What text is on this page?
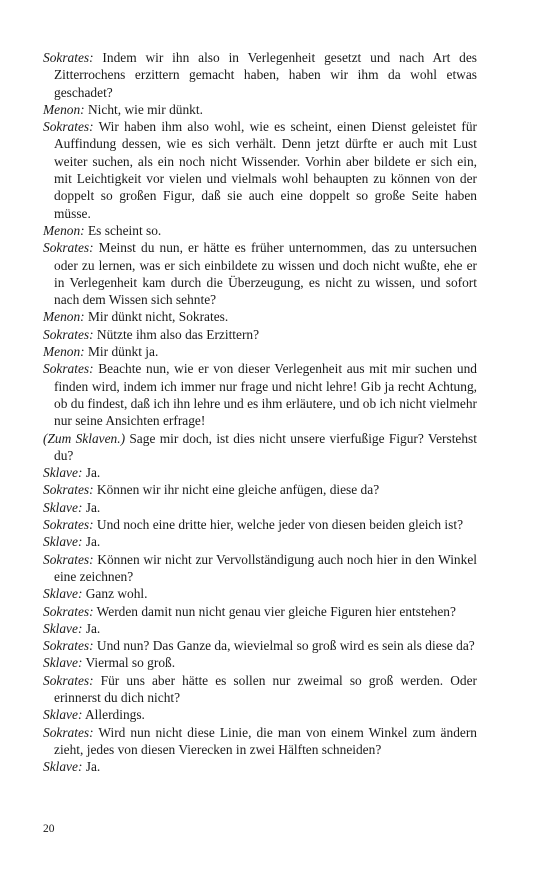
Sokrates: Indem wir ihn also in Verlegenheit gesetzt und nach Art des Zitterrochens erzittern gemacht haben, haben wir ihm da wohl etwas geschadet?

Menon: Nicht, wie mir dünkt.

Sokrates: Wir haben ihm also wohl, wie es scheint, einen Dienst geleistet für Auffindung dessen, wie es sich verhält. Denn jetzt dürfte er auch mit Lust weiter suchen, als ein noch nicht Wissender. Vorhin aber bildete er sich ein, mit Leichtigkeit vor vielen und vielmals wohl behaupten zu können von der doppelt so großen Figur, daß sie auch eine doppelt so große Seite haben müsse.

Menon: Es scheint so.

Sokrates: Meinst du nun, er hätte es früher unternommen, das zu untersuchen oder zu lernen, was er sich einbildete zu wissen und doch nicht wußte, ehe er in Verlegenheit kam durch die Überzeugung, es nicht zu wissen, und sofort nach dem Wissen sich sehnte?

Menon: Mir dünkt nicht, Sokrates.

Sokrates: Nützte ihm also das Erzittern?

Menon: Mir dünkt ja.

Sokrates: Beachte nun, wie er von dieser Verlegenheit aus mit mir suchen und finden wird, indem ich immer nur frage und nicht lehre! Gib ja recht Achtung, ob du findest, daß ich ihn lehre und es ihm erläutere, und ob ich nicht vielmehr nur seine Ansichten erfrage!

(Zum Sklaven.) Sage mir doch, ist dies nicht unsere vierfußige Figur? Verstehst du?

Sklave: Ja.

Sokrates: Können wir ihr nicht eine gleiche anfügen, diese da?

Sklave: Ja.

Sokrates: Und noch eine dritte hier, welche jeder von diesen beiden gleich ist?

Sklave: Ja.

Sokrates: Können wir nicht zur Vervollständigung auch noch hier in den Winkel eine zeichnen?

Sklave: Ganz wohl.

Sokrates: Werden damit nun nicht genau vier gleiche Figuren hier entstehen?

Sklave: Ja.

Sokrates: Und nun? Das Ganze da, wievielmal so groß wird es sein als diese da?

Sklave: Viermal so groß.

Sokrates: Für uns aber hätte es sollen nur zweimal so groß werden. Oder erinnerst du dich nicht?

Sklave: Allerdings.

Sokrates: Wird nun nicht diese Linie, die man von einem Winkel zum ändern zieht, jedes von diesen Vierecken in zwei Hälften schneiden?

Sklave: Ja.

20
